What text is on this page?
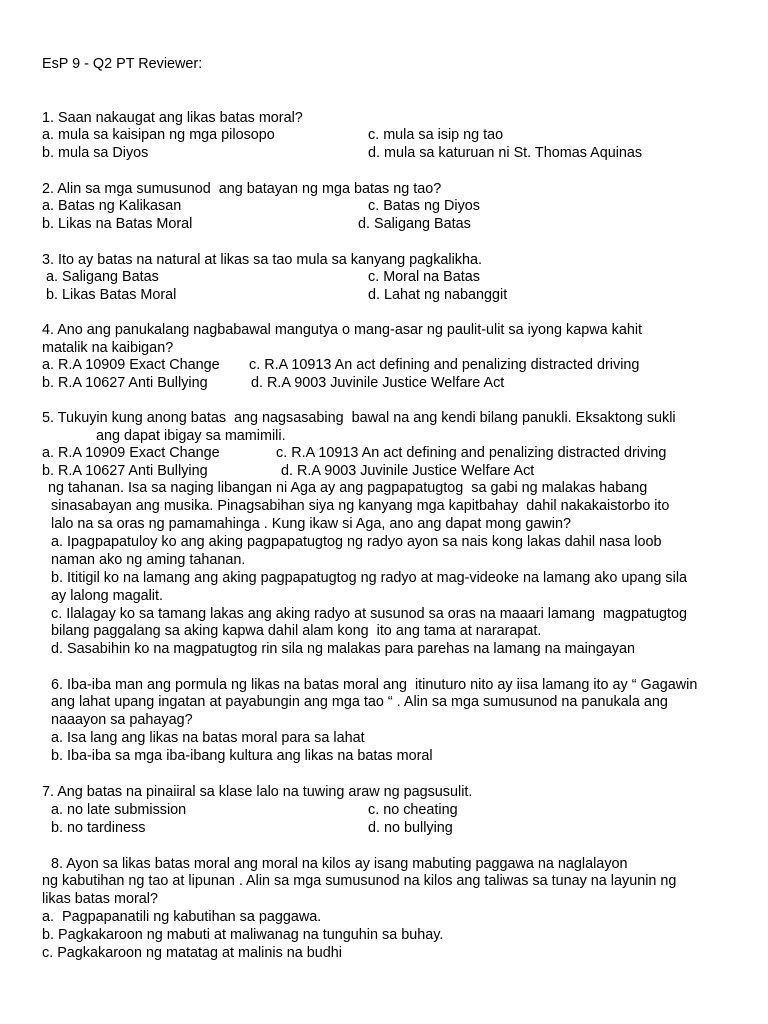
EsP 9 - Q2 PT Reviewer:
1. Saan nakaugat ang likas batas moral?
a. mula sa kaisipan ng mga pilosopo	c. mula sa isip ng tao
b. mula sa Diyos	d. mula sa katuruan ni St. Thomas Aquinas
2. Alin sa mga sumusunod  ang batayan ng mga batas ng tao?
a. Batas ng Kalikasan	c. Batas ng Diyos
b. Likas na Batas Moral	d. Saligang Batas
3. Ito ay batas na natural at likas sa tao mula sa kanyang pagkalikha.
a. Saligang Batas	c. Moral na Batas
b. Likas Batas Moral	d. Lahat ng nabanggit
4. Ano ang panukalang nagbabawal mangutya o mang-asar ng paulit-ulit sa iyong kapwa kahit
matalik na kaibigan?
a. R.A 10909 Exact Change c. R.A 10913 An act defining and penalizing distracted driving
b. R.A 10627 Anti Bullying	d. R.A 9003 Juvinile Justice Welfare Act
5. Tukuyin kung anong batas  ang nagsasabing  bawal na ang kendi bilang panukli. Eksaktong sukli
ang dapat ibigay sa mamimili.
a. R.A 10909 Exact Change	c. R.A 10913 An act defining and penalizing distracted driving
b. R.A 10627 Anti Bullying	d. R.A 9003 Juvinile Justice Welfare Act
ng tahanan. Isa sa naging libangan ni Aga ay ang pagpapatugtog  sa gabi ng malakas habang
sinasabayan ang musika. Pinagsabihan siya ng kanyang mga kapitbahay  dahil nakakaistorbo ito
lalo na sa oras ng pamamahinga . Kung ikaw si Aga, ano ang dapat mong gawin?
a. Ipagpapatuloy ko ang aking pagpapatugtog ng radyo ayon sa nais kong lakas dahil nasa loob
naman ako ng aming tahanan.
b. Ititigil ko na lamang ang aking pagpapatugtog ng radyo at mag-videoke na lamang ako upang sila
ay lalong magalit.
c. Ilalagay ko sa tamang lakas ang aking radyo at susunod sa oras na maaari lamang  magpatugtog
bilang paggalang sa aking kapwa dahil alam kong  ito ang tama at nararapat.
d. Sasabihin ko na magpatugtog rin sila ng malakas para parehas na lamang na maingayan
6. Iba-iba man ang pormula ng likas na batas moral ang  itinuturo nito ay iisa lamang ito ay “ Gagawin
ang lahat upang ingatan at payabungin ang mga tao “ . Alin sa mga sumusunod na panukala ang
naaayon sa pahayag?
a. Isa lang ang likas na batas moral para sa lahat
b. Iba-iba sa mga iba-ibang kultura ang likas na batas moral
7. Ang batas na pinaiiral sa klase lalo na tuwing araw ng pagsusulit.
a. no late submission	c. no cheating
b. no tardiness	d. no bullying
8. Ayon sa likas batas moral ang moral na kilos ay isang mabuting paggawa na naglalayon
ng kabutihan ng tao at lipunan . Alin sa mga sumusunod na kilos ang taliwas sa tunay na layunin ng
likas batas moral?
a.  Pagpapanatili ng kabutihan sa paggawa.
b. Pagkakaroon ng mabuti at maliwanag na tunguhin sa buhay.
c. Pagkakaroon ng matatag at malinis na budhi
